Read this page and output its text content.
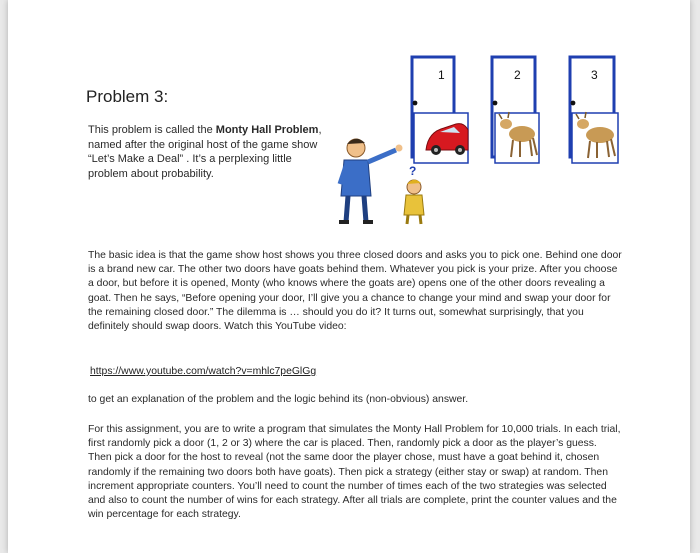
Problem 3:
This problem is called the Monty Hall Problem, named after the original host of the game show “Let’s Make a Deal” . It’s a perplexing little problem about probability.
1	2	3
?
The basic idea is that the game show host shows you three closed doors and asks you to pick one. Behind one door is a brand new car. The other two doors have goats behind them. Whatever you pick is your prize. After you choose a door, but before it is opened, Monty (who knows where the goats are) opens one of the other doors revealing a goat. Then he says, “Before opening your door, I’ll give you a chance to change your mind and swap your door for the remaining closed door.” The dilemma is … should you do it? It turns out, somewhat surprisingly, that you definitely should swap doors. Watch this YouTube video:
https://www.youtube.com/watch?v=mhlc7peGlGg
to get an explanation of the problem and the logic behind its (non-obvious) answer.
For this assignment, you are to write a program that simulates the Monty Hall Problem for 10,000 trials. In each trial, first randomly pick a door (1, 2 or 3) where the car is placed. Then, randomly pick a door as the player’s guess. Then pick a door for the host to reveal (not the same door the player chose, must have a goat behind it, chosen randomly if the remaining two doors both have goats). Then pick a strategy (either stay or swap) at random. Then increment appropriate counters. You’ll need to count the number of times each of the two strategies was selected and also to count the number of wins for each strategy. After all trials are complete, print the counter values and the win percentage for each strategy.
